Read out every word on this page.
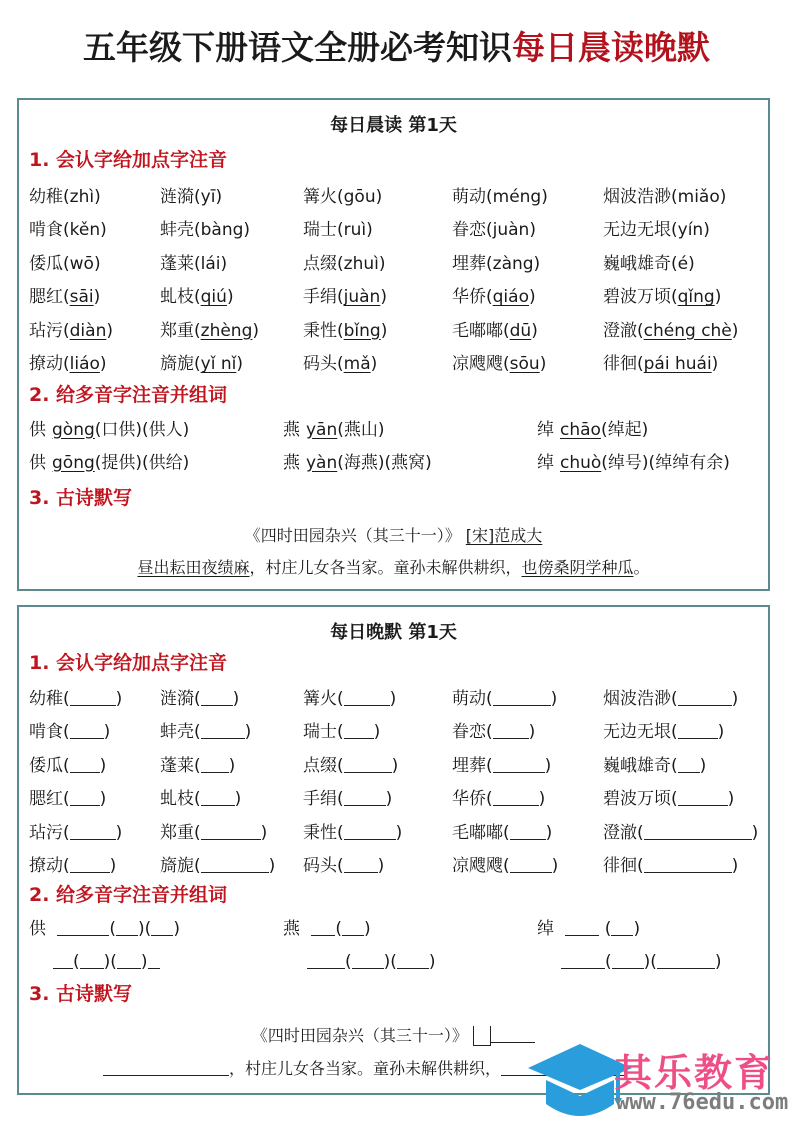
五年级下册语文全册必考知识每日晨读晚默
每日晨读 第1天
1. 会认字给加点字注音
幼稚(zhì)	涟漪(yī)	篝火(gōu)	萌动(méng)	烟波浩渺(miǎo)
啃食(kěn)	蚌壳(bàng)	瑞士(ruì)	眷恋(juàn)	无边无垠(yín)
倭瓜(wō)	蓬莱(lái)	点缀(zhuì)	埋葬(zàng)	巍峨雄奇(é)
腮红(sāi)	虬枝(qiú)	手绢(juàn)	华侨(qiáo)	碧波万顷(qǐng)
玷污(diàn)	郑重(zhèng)	秉性(bǐng)	毛嘟嘟(dū)	澄澈(chéng chè)
撩动(liáo)	旖旎(yǐ nǐ)	码头(mǎ)	凉飕飕(sōu)	徘徊(pái huái)
2. 给多音字注音并组词
供 gòng(口供)(供人)	燕 yān(燕山)	绰 chāo(绰起)
供 gōng(提供)(供给)	燕 yàn(海燕)(燕窝)	绰 chuò(绰号)(绰绰有余)
3. 古诗默写
《四时田园杂兴（其三十一）》 [宋]范成大
昼出耘田夜绩麻，村庄儿女各当家。童孙未解供耕织，也傍桑阴学种瓜。
每日晚默 第1天
1. 会认字给加点字注音
幼稚(	)	涟漪( )	篝火(	)	萌动(	)	烟波浩渺(	)
啃食( )	蚌壳(	)	瑞士( )	眷恋( )	无边无垠( )
倭瓜( )	蓬莱( )	点缀(	)	埋葬(	)	巍峨雄奇( )
腮红( )	虬枝( )	手绢( )	华侨(	)	碧波万顷(	)
玷污(	)	郑重(	)	秉性(	)	毛嘟嘟( )	澄澈(	)
撩动( )	旖旎(	)	码头( )	凉飕飕( )	徘徊(	)
2. 给多音字注音并组词
供	( )( )	燕 ( )	绰	( )
( )( )	( )( )	( )(	)
3. 古诗默写
《四时田园杂兴（其三十一）》
，村庄儿女各当家。童孙未解供耕织，	其乐教育
www.76edu.com
